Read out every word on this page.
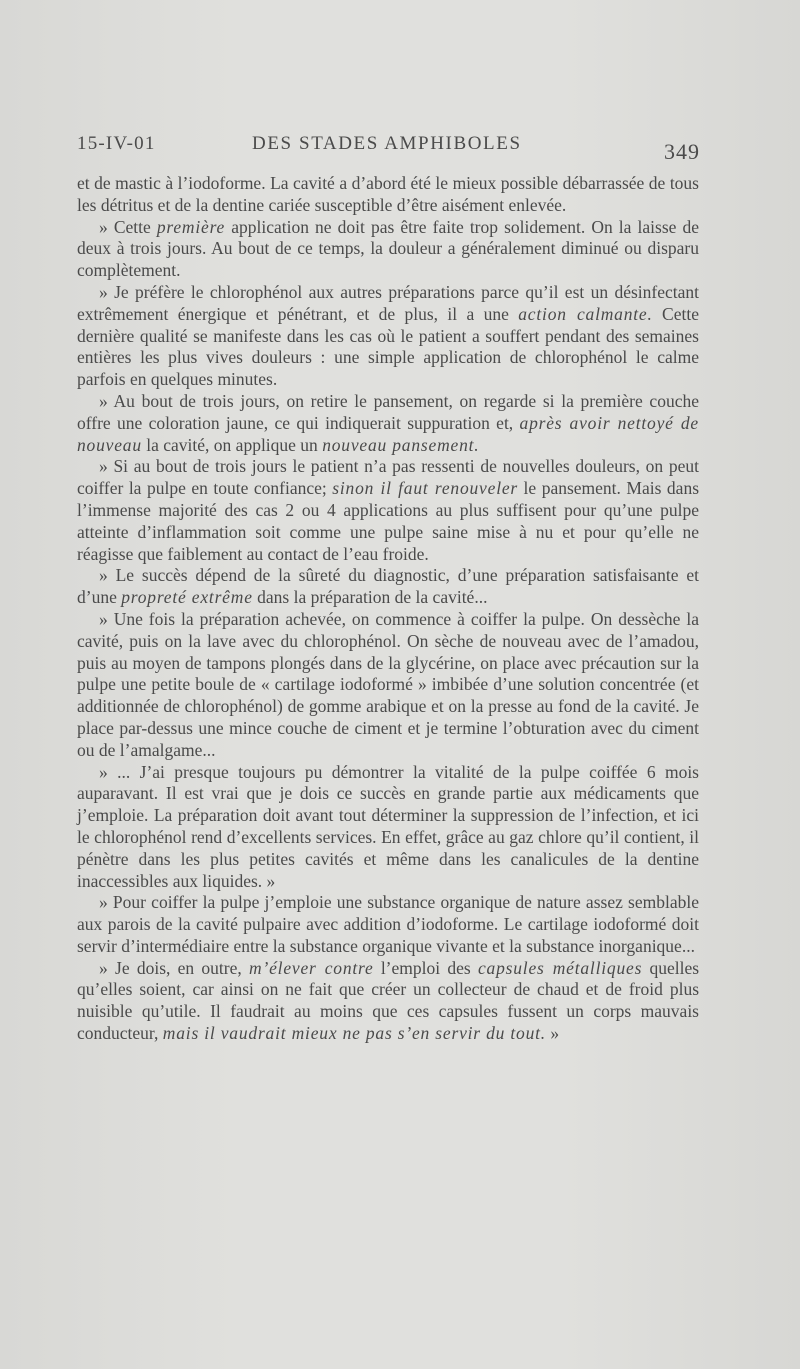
15-IV-01	DES STADES AMPHIBOLES	349

et de mastic à l’iodoforme. La cavité a d’abord été le mieux possible débarrassée de tous les détritus et de la dentine cariée susceptible d’être aisément enlevée.

» Cette première application ne doit pas être faite trop solidement. On la laisse de deux à trois jours. Au bout de ce temps, la douleur a généralement diminué ou disparu complètement.

» Je préfère le chlorophénol aux autres préparations parce qu’il est un désinfectant extrêmement énergique et pénétrant, et de plus, il a une action calmante. Cette dernière qualité se manifeste dans les cas où le patient a souffert pendant des semaines entières les plus vives douleurs : une simple application de chlorophénol le calme parfois en quelques minutes.

» Au bout de trois jours, on retire le pansement, on regarde si la première couche offre une coloration jaune, ce qui indiquerait suppuration et, après avoir nettoyé de nouveau la cavité, on applique un nouveau pansement.

» Si au bout de trois jours le patient n’a pas ressenti de nouvelles douleurs, on peut coiffer la pulpe en toute confiance; sinon il faut renouveler le pansement. Mais dans l’immense majorité des cas 2 ou 4 applications au plus suffisent pour qu’une pulpe atteinte d’inflammation soit comme une pulpe saine mise à nu et pour qu’elle ne réagisse que faiblement au contact de l’eau froide.

» Le succès dépend de la sûreté du diagnostic, d’une préparation satisfaisante et d’une propreté extrême dans la préparation de la cavité...

» Une fois la préparation achevée, on commence à coiffer la pulpe. On dessèche la cavité, puis on la lave avec du chlorophénol. On sèche de nouveau avec de l’amadou, puis au moyen de tampons plongés dans de la glycérine, on place avec précaution sur la pulpe une petite boule de « cartilage iodoformé » imbibée d’une solution concentrée (et additionnée de chlorophénol) de gomme arabique et on la presse au fond de la cavité. Je place par-dessus une mince couche de ciment et je termine l’obturation avec du ciment ou de l’amalgame...

» ... J’ai presque toujours pu démontrer la vitalité de la pulpe coiffée 6 mois auparavant. Il est vrai que je dois ce succès en grande partie aux médicaments que j’emploie. La préparation doit avant tout déterminer la suppression de l’infection, et ici le chlorophénol rend d’excellents services. En effet, grâce au gaz chlore qu’il contient, il pénètre dans les plus petites cavités et même dans les canalicules de la dentine inaccessibles aux liquides. »

» Pour coiffer la pulpe j’emploie une substance organique de nature assez semblable aux parois de la cavité pulpaire avec addition d’iodoforme. Le cartilage iodoformé doit servir d’intermédiaire entre la substance organique vivante et la substance inorganique...

» Je dois, en outre, m’élever contre l’emploi des capsules métalliques quelles qu’elles soient, car ainsi on ne fait que créer un collecteur de chaud et de froid plus nuisible qu’utile. Il faudrait au moins que ces capsules fussent un corps mauvais conducteur, mais il vaudrait mieux ne pas s’en servir du tout. »
